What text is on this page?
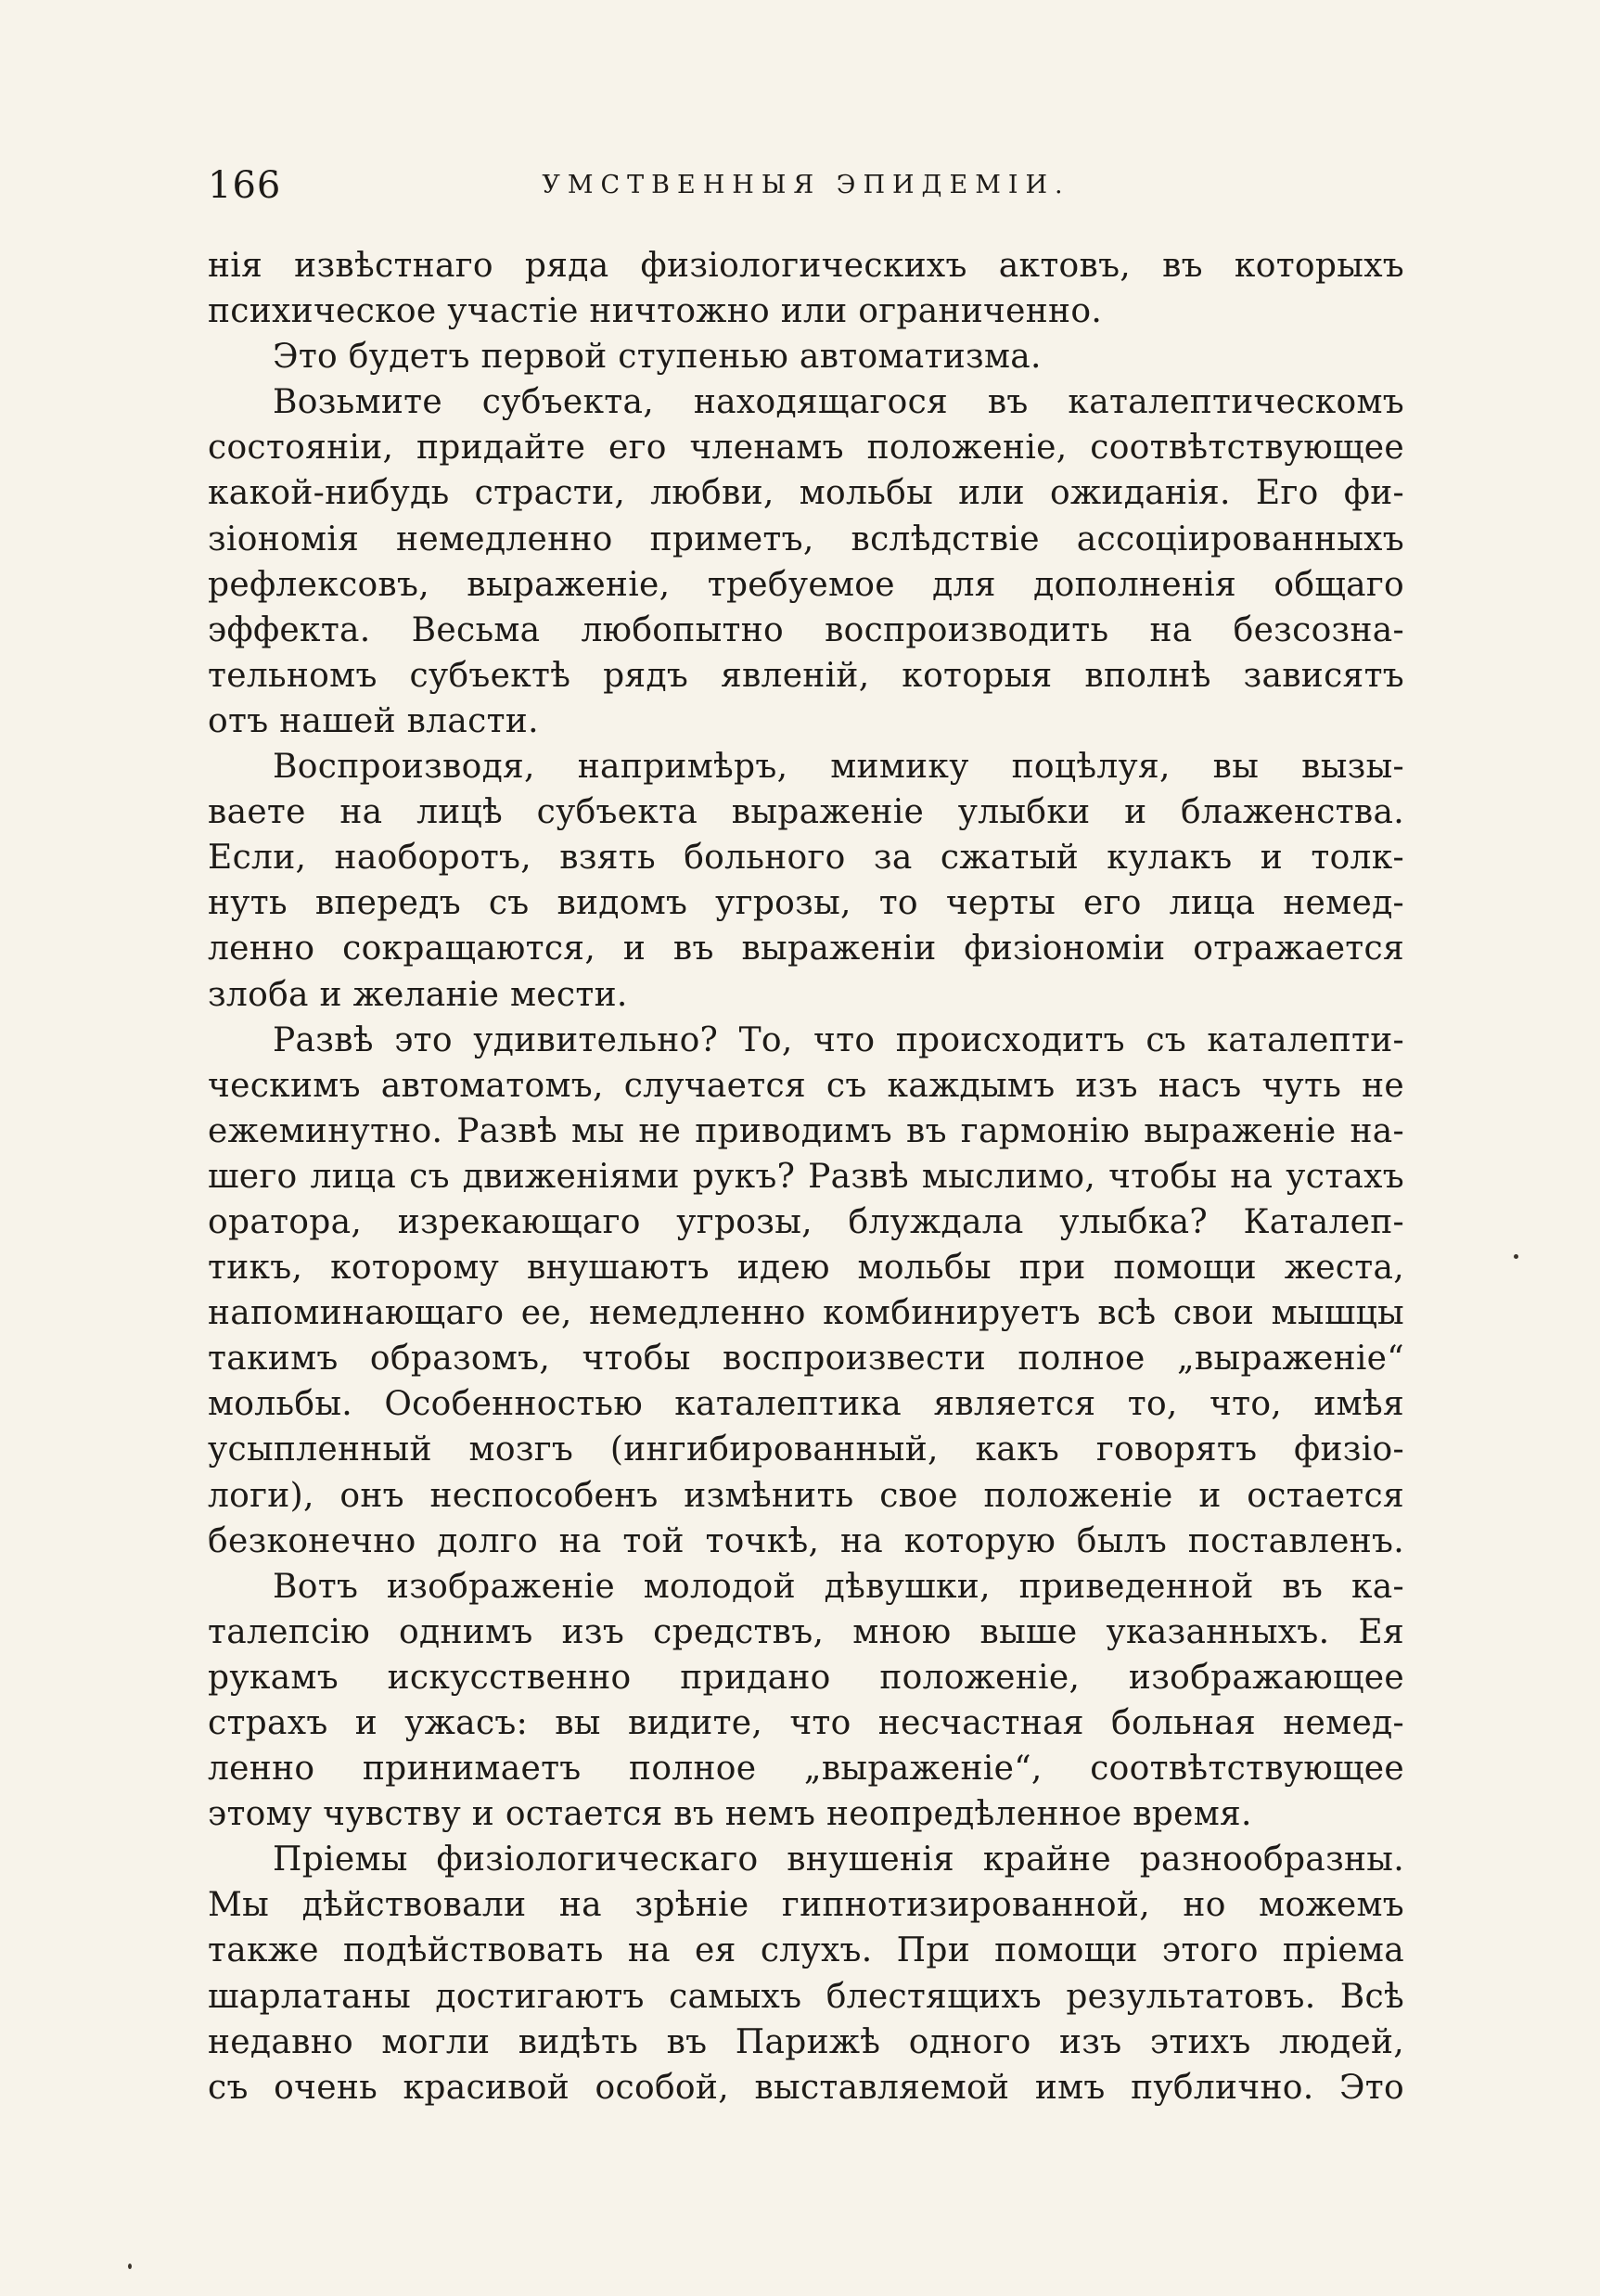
166	УМСТВЕННЫЯ ЭПИДЕМІИ.
нія извѣстнаго ряда физіологическихъ актовъ, въ которыхъ
психическое участіе ничтожно или ограниченно.
Это будетъ первой ступенью автоматизма.
Возьмите субъекта, находящагося въ каталептическомъ
состояніи, придайте его членамъ положеніе, соотвѣтствующее
какой-нибудь страсти, любви, мольбы или ожиданія. Его фи-
зіономія немедленно приметъ, вслѣдствіе ассоціированныхъ
рефлексовъ, выраженіе, требуемое для дополненія общаго
эффекта. Весьма любопытно воспроизводить на безсозна-
тельномъ субъектѣ рядъ явленій, которыя вполнѣ зависятъ
отъ нашей власти.
Воспроизводя, напримѣръ, мимику поцѣлуя, вы вызы-
ваете на лицѣ субъекта выраженіе улыбки и блаженства.
Если, наоборотъ, взять больного за сжатый кулакъ и толк-
нуть впередъ съ видомъ угрозы, то черты его лица немед-
ленно сокращаются, и въ выраженіи физіономіи отражается
злоба и желаніе мести.
Развѣ это удивительно? То, что происходитъ съ каталепти-
ческимъ автоматомъ, случается съ каждымъ изъ насъ чуть не
ежеминутно. Развѣ мы не приводимъ въ гармонію выраженіе на-
шего лица съ движеніями рукъ? Развѣ мыслимо, чтобы на устахъ
оратора, изрекающаго угрозы, блуждала улыбка? Каталеп-
тикъ, которому внушаютъ идею мольбы при помощи жеста,
напоминающаго ее, немедленно комбинируетъ всѣ свои мышцы
такимъ образомъ, чтобы воспроизвести полное „выраженіе“
мольбы. Особенностью каталептика является то, что, имѣя
усыпленный мозгъ (ингибированный, какъ говорятъ физіо-
логи), онъ неспособенъ измѣнить свое положеніе и остается
безконечно долго на той точкѣ, на которую былъ поставленъ.
Вотъ изображеніе молодой дѣвушки, приведенной въ ка-
талепсію однимъ изъ средствъ, мною выше указанныхъ. Ея
рукамъ искусственно придано положеніе, изображающее
страхъ и ужасъ: вы видите, что несчастная больная немед-
ленно принимаетъ полное „выраженіе“, соотвѣтствующее
этому чувству и остается въ немъ неопредѣленное время.
Пріемы физіологическаго внушенія крайне разнообразны.
Мы дѣйствовали на зрѣніе гипнотизированной, но можемъ
также подѣйствовать на ея слухъ. При помощи этого пріема
шарлатаны достигаютъ самыхъ блестящихъ результатовъ. Всѣ
недавно могли видѣть въ Парижѣ одного изъ этихъ людей,
съ очень красивой особой, выставляемой имъ публично. Это
